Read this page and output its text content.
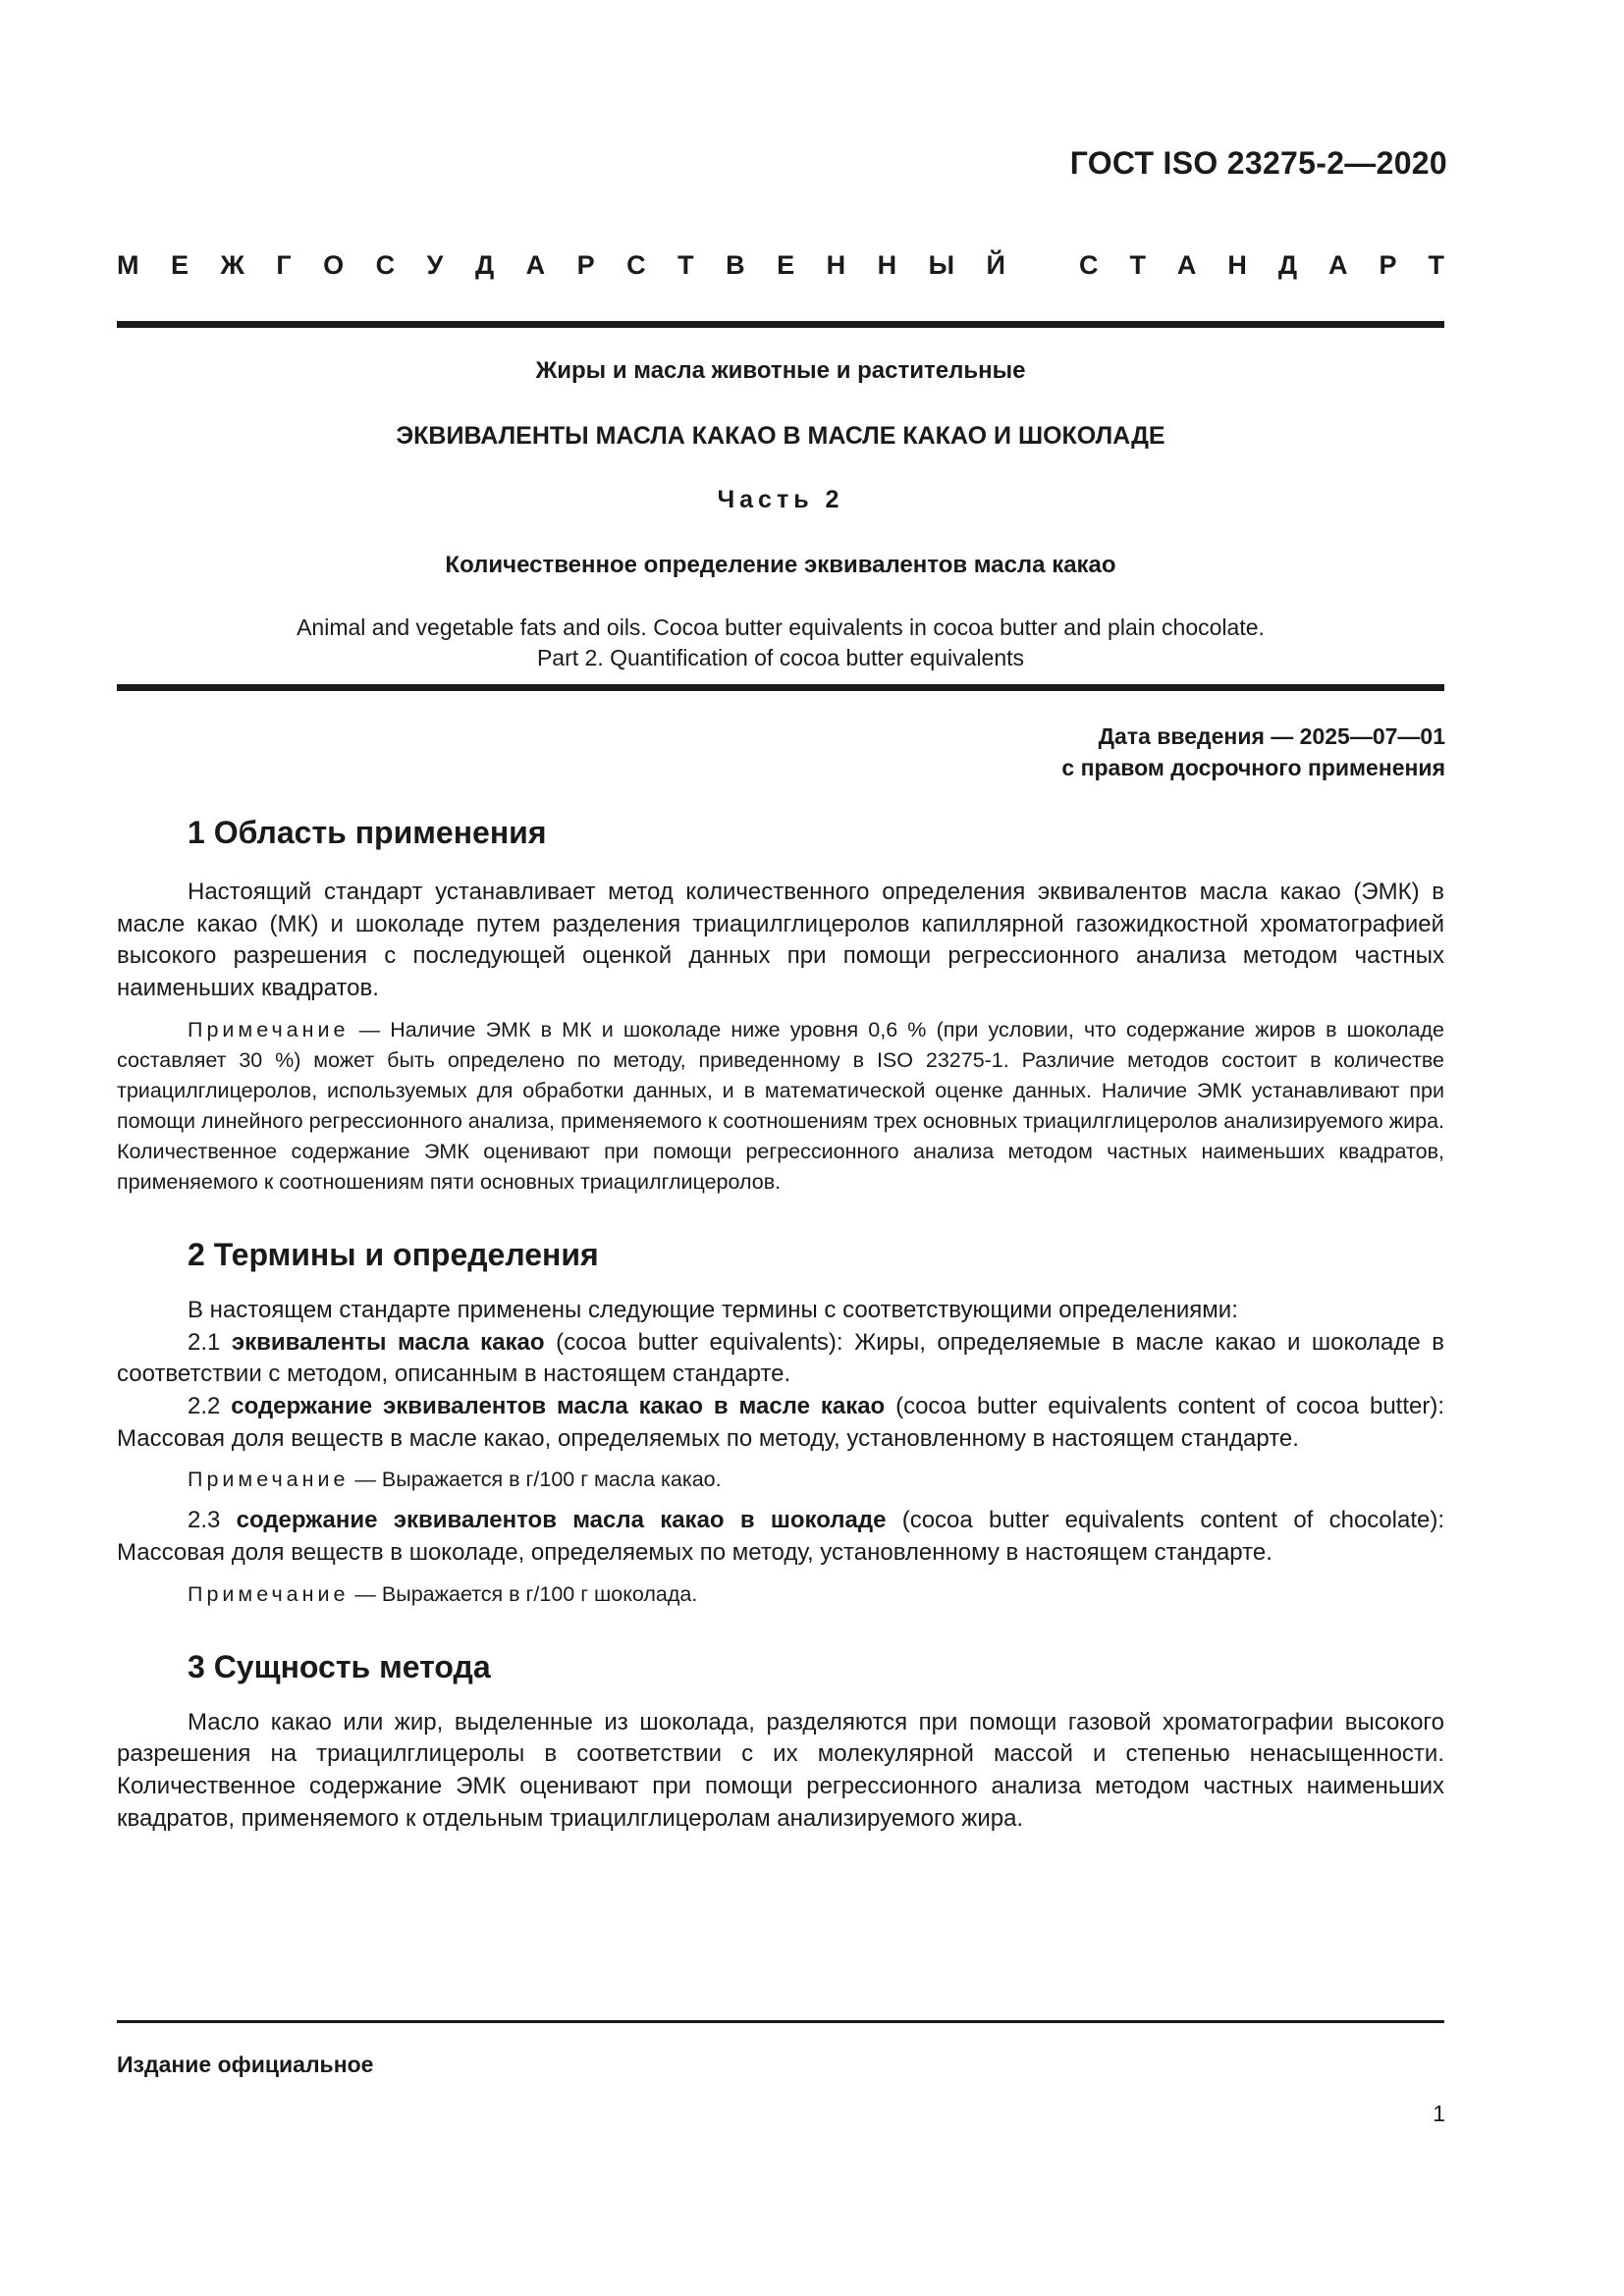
ГОСТ ISO 23275-2—2020
М Е Ж Г О С У Д А Р С Т В Е Н Н Ы Й	С Т А Н Д А Р Т
Жиры и масла животные и растительные
ЭКВИВАЛЕНТЫ МАСЛА КАКАО В МАСЛЕ КАКАО И ШОКОЛАДЕ
Часть 2
Количественное определение эквивалентов масла какао
Animal and vegetable fats and oils. Cocoa butter equivalents in cocoa butter and plain chocolate.
Part 2. Quantification of cocoa butter equivalents
Дата введения — 2025—07—01
с правом досрочного применения
1 Область применения

Настоящий стандарт устанавливает метод количественного определения эквивалентов масла какао (ЭМК) в масле какао (МК) и шоколаде путем разделения триацилглицеролов капиллярной газожидкостной хроматографией высокого разрешения с последующей оценкой данных при помощи регрессионного анализа методом частных наименьших квадратов.

Примечание — Наличие ЭМК в МК и шоколаде ниже уровня 0,6 % (при условии, что содержание жиров в шоколаде составляет 30 %) может быть определено по методу, приведенному в ISO 23275-1. Различие методов состоит в количестве триацилглицеролов, используемых для обработки данных, и в математической оценке данных. Наличие ЭМК устанавливают при помощи линейного регрессионного анализа, применяемого к соотношениям трех основных триацилглицеролов анализируемого жира. Количественное содержание ЭМК оценивают при помощи регрессионного анализа методом частных наименьших квадратов, применяемого к соотношениям пяти основных триацилглицеролов.

2 Термины и определения

В настоящем стандарте применены следующие термины с соответствующими определениями:

2.1 эквиваленты масла какао (cocoa butter equivalents): Жиры, определяемые в масле какао и шоколаде в соответствии с методом, описанным в настоящем стандарте.

2.2 содержание эквивалентов масла какао в масле какао (cocoa butter equivalents content of cocoa butter): Массовая доля веществ в масле какао, определяемых по методу, установленному в настоящем стандарте.

Примечание — Выражается в г/100 г масла какао.

2.3 содержание эквивалентов масла какао в шоколаде (cocoa butter equivalents content of chocolate): Массовая доля веществ в шоколаде, определяемых по методу, установленному в настоящем стандарте.

Примечание — Выражается в г/100 г шоколада.

3 Сущность метода

Масло какао или жир, выделенные из шоколада, разделяются при помощи газовой хроматографии высокого разрешения на триацилглицеролы в соответствии с их молекулярной массой и степенью ненасыщенности. Количественное содержание ЭМК оценивают при помощи регрессионного анализа методом частных наименьших квадратов, применяемого к отдельным триацилглицеролам анализируемого жира.

Издание официальное
1
